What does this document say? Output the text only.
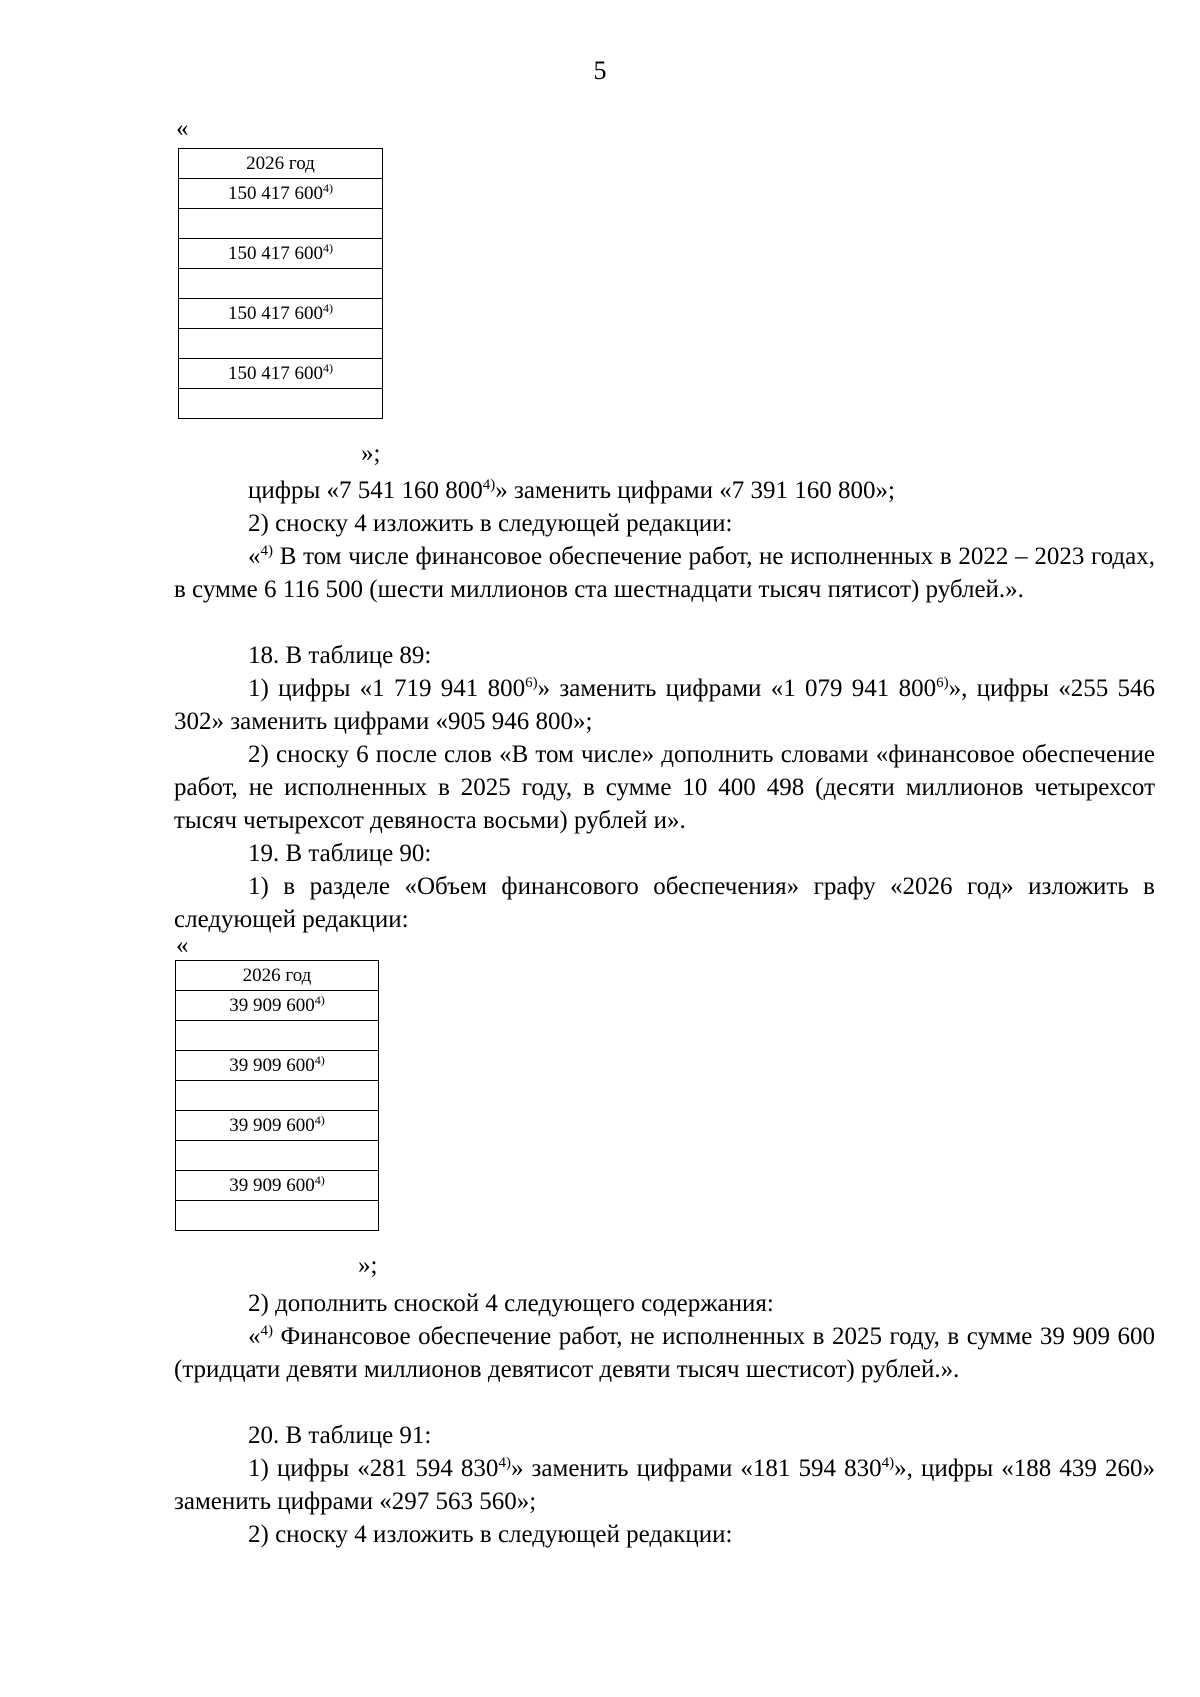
5
«
2026 год
150 417 600$^{4)}$

150 417 600$^{4)}$

150 417 600$^{4)}$

150 417 600$^{4)}$

»;

цифры «7 541 160 800$^{4)}$» заменить цифрами «7 391 160 800»;

2) сноску 4 изложить в следующей редакции:

«$^{4)}$ В том числе финансовое обеспечение работ, не исполненных в 2022 – 2023 годах, в сумме 6 116 500 (шести миллионов ста шестнадцати тысяч пятисот) рублей.».

18. В таблице 89:

1) цифры «1 719 941 800$^{6)}$» заменить цифрами «1 079 941 800$^{6)}$», цифры «255 546 302» заменить цифрами «905 946 800»;

2) сноску 6 после слов «В том числе» дополнить словами «финансовое обеспечение работ, не исполненных в 2025 году, в сумме 10 400 498 (десяти миллионов четырехсот тысяч четырехсот девяноста восьми) рублей и».

19. В таблице 90:

1) в разделе «Объем финансового обеспечения» графу «2026 год» изложить в следующей редакции:

«
2026 год
39 909 600$^{4)}$

39 909 600$^{4)}$

39 909 600$^{4)}$

39 909 600$^{4)}$

»;

2) дополнить сноской 4 следующего содержания:

«$^{4)}$ Финансовое обеспечение работ, не исполненных в 2025 году, в сумме 39 909 600 (тридцати девяти миллионов девятисот девяти тысяч шестисот) рублей.».

20. В таблице 91:

1) цифры «281 594 830$^{4)}$» заменить цифрами «181 594 830$^{4)}$», цифры «188 439 260» заменить цифрами «297 563 560»;

2) сноску 4 изложить в следующей редакции:
